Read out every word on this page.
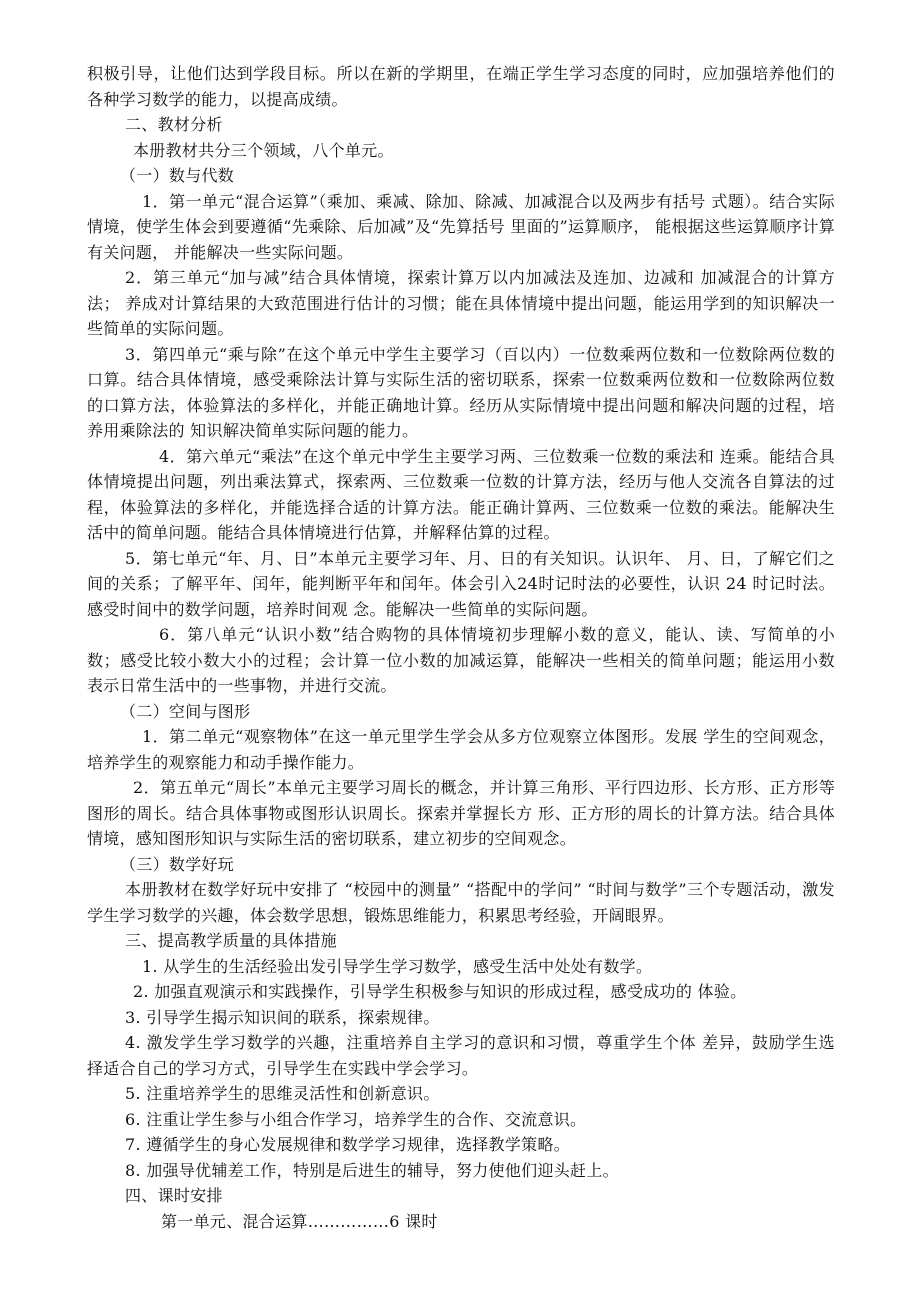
积极引导，让他们达到学段目标。所以在新的学期里，在端正学生学习态度的同时，应加强培养他们的各种学习数学的能力，以提高成绩。

二、教材分析

本册教材共分三个领域，八个单元。

（一）数与代数

1．第一单元“混合运算”（乘加、乘减、除加、除减、加减混合以及两步有括号 式题）。结合实际情境，使学生体会到要遵循“先乘除、后加减”及“先算括号 里面的”运算顺序， 能根据这些运算顺序计算有关问题， 并能解决一些实际问题。

2．第三单元“加与减”结合具体情境，探索计算万以内加减法及连加、边减和 加减混合的计算方法； 养成对计算结果的大致范围进行估计的习惯；能在具体情境中提出问题，能运用学到的知识解决一些简单的实际问题。

3．第四单元“乘与除”在这个单元中学生主要学习（百以内）一位数乘两位数和一位数除两位数的口算。结合具体情境，感受乘除法计算与实际生活的密切联系，探索一位数乘两位数和一位数除两位数的口算方法，体验算法的多样化，并能正确地计算。经历从实际情境中提出问题和解决问题的过程，培养用乘除法的 知识解决简单实际问题的能力。

4．第六单元“乘法”在这个单元中学生主要学习两、三位数乘一位数的乘法和 连乘。能结合具体情境提出问题，列出乘法算式，探索两、三位数乘一位数的计算方法，经历与他人交流各自算法的过程，体验算法的多样化，并能选择合适的计算方法。能正确计算两、三位数乘一位数的乘法。能解决生活中的简单问题。能结合具体情境进行估算，并解释估算的过程。

5．第七单元“年、月、日”本单元主要学习年、月、日的有关知识。认识年、 月、日，了解它们之间的关系；了解平年、闰年，能判断平年和闰年。体会引入24时记时法的必要性，认识 24 时记时法。感受时间中的数学问题，培养时间观 念。能解决一些简单的实际问题。

6．第八单元“认识小数”结合购物的具体情境初步理解小数的意义，能认、读、写简单的小数；感受比较小数大小的过程；会计算一位小数的加减运算，能解决一些相关的简单问题；能运用小数表示日常生活中的一些事物，并进行交流。

（二）空间与图形

1．第二单元“观察物体”在这一单元里学生学会从多方位观察立体图形。发展 学生的空间观念，培养学生的观察能力和动手操作能力。

2．第五单元“周长”本单元主要学习周长的概念，并计算三角形、平行四边形、长方形、正方形等图形的周长。结合具体事物或图形认识周长。探索并掌握长方 形、正方形的周长的计算方法。结合具体情境，感知图形知识与实际生活的密切联系，建立初步的空间观念。

（三）数学好玩

本册教材在数学好玩中安排了 “校园中的测量” “搭配中的学问” “时间与数学”三个专题活动，激发学生学习数学的兴趣，体会数学思想，锻炼思维能力，积累思考经验，开阔眼界。

三、提高教学质量的具体措施

1. 从学生的生活经验出发引导学生学习数学，感受生活中处处有数学。

2. 加强直观演示和实践操作，引导学生积极参与知识的形成过程，感受成功的 体验。

3. 引导学生揭示知识间的联系，探索规律。

4. 激发学生学习数学的兴趣，注重培养自主学习的意识和习惯，尊重学生个体 差异，鼓励学生选择适合自己的学习方式，引导学生在实践中学会学习。

5. 注重培养学生的思维灵活性和创新意识。

6. 注重让学生参与小组合作学习，培养学生的合作、交流意识。

7. 遵循学生的身心发展规律和数学学习规律，选择教学策略。

8. 加强导优辅差工作，特别是后进生的辅导，努力使他们迎头赶上。

四、课时安排

第一单元、混合运算……………6 课时
